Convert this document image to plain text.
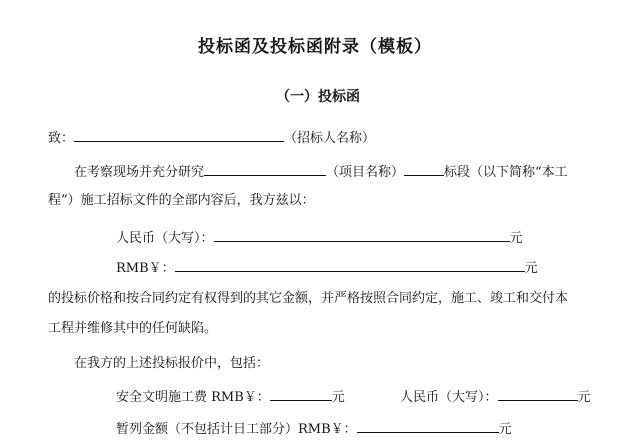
投标函及投标函附录（模板）
（一）投标函
致：	（招标人名称）
在考察现场并充分研究	（项目名称）	标段（以下简称“本工
程”）施工招标文件的全部内容后，我方兹以：
人民币（大写）：	元
RMB￥：	元
的投标价格和按合同约定有权得到的其它金额，并严格按照合同约定，施工、竣工和交付本
工程并维修其中的任何缺陷。
在我方的上述投标报价中，包括：
安全文明施工费 RMB￥：	元	人民币（大写）：	元
暂列金额（不包括计日工部分）RMB￥：	元
